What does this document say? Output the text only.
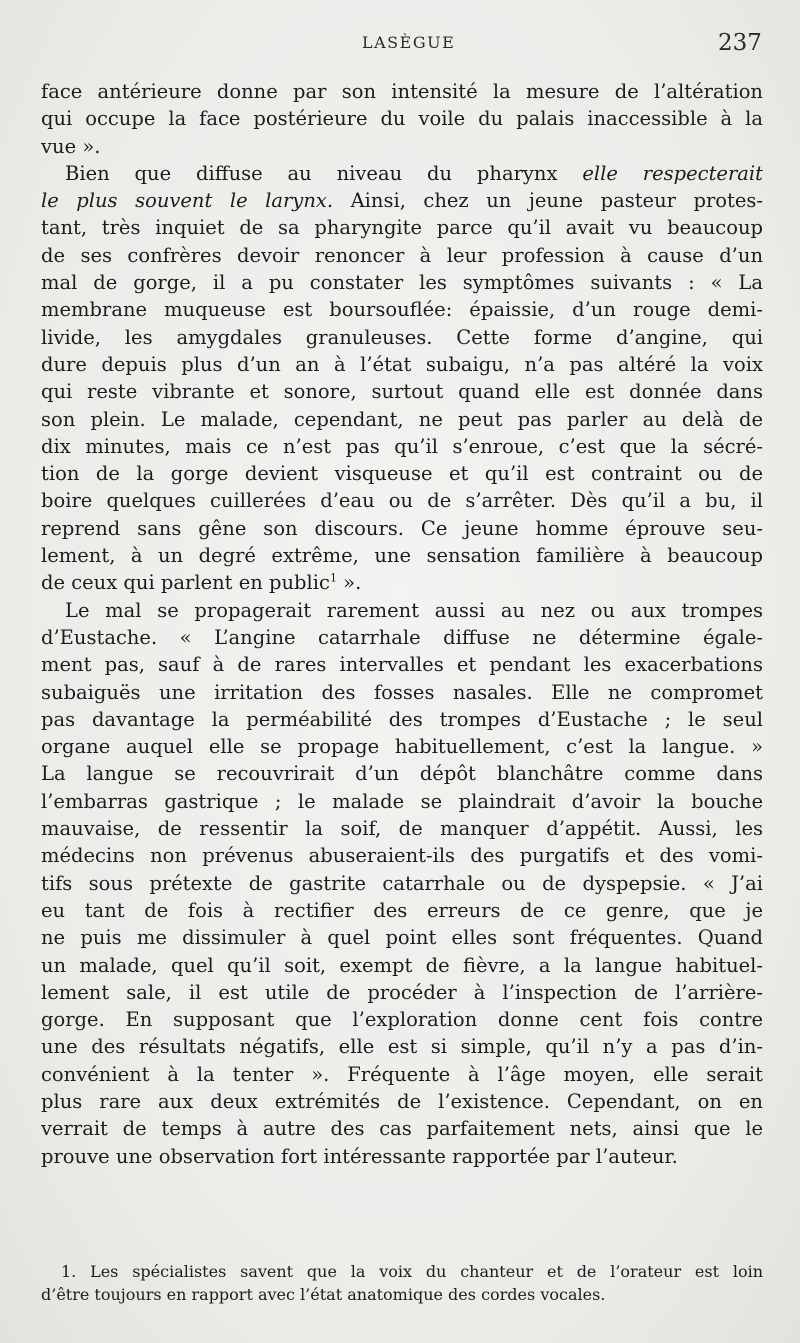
LASÈGUE	237
face antérieure donne par son intensité la mesure de l’altération
qui occupe la face postérieure du voile du palais inaccessible à la
vue ».
Bien que diffuse au niveau du pharynx elle respecterait
le plus souvent le larynx. Ainsi, chez un jeune pasteur protes-
tant, très inquiet de sa pharyngite parce qu’il avait vu beaucoup
de ses confrères devoir renoncer à leur profession à cause d’un
mal de gorge, il a pu constater les symptômes suivants : « La
membrane muqueuse est boursouflée: épaissie, d’un rouge demi-
livide, les amygdales granuleuses. Cette forme d’angine, qui
dure depuis plus d’un an à l’état subaigu, n’a pas altéré la voix
qui reste vibrante et sonore, surtout quand elle est donnée dans
son plein. Le malade, cependant, ne peut pas parler au delà de
dix minutes, mais ce n’est pas qu’il s’enroue, c’est que la sécré-
tion de la gorge devient visqueuse et qu’il est contraint ou de
boire quelques cuillerées d’eau ou de s’arrêter. Dès qu’il a bu, il
reprend sans gêne son discours. Ce jeune homme éprouve seu-
lement, à un degré extrême, une sensation familière à beaucoup
de ceux qui parlent en public$^1$ ».
Le mal se propagerait rarement aussi au nez ou aux trompes
d’Eustache. « L’angine catarrhale diffuse ne détermine égale-
ment pas, sauf à de rares intervalles et pendant les exacerbations
subaiguës une irritation des fosses nasales. Elle ne compromet
pas davantage la perméabilité des trompes d’Eustache ; le seul
organe auquel elle se propage habituellement, c’est la langue. »
La langue se recouvrirait d’un dépôt blanchâtre comme dans
l’embarras gastrique ; le malade se plaindrait d’avoir la bouche
mauvaise, de ressentir la soif, de manquer d’appétit. Aussi, les
médecins non prévenus abuseraient-ils des purgatifs et des vomi-
tifs sous prétexte de gastrite catarrhale ou de dyspepsie. « J’ai
eu tant de fois à rectifier des erreurs de ce genre, que je
ne puis me dissimuler à quel point elles sont fréquentes. Quand
un malade, quel qu’il soit, exempt de fièvre, a la langue habituel-
lement sale, il est utile de procéder à l’inspection de l’arrière-
gorge. En supposant que l’exploration donne cent fois contre
une des résultats négatifs, elle est si simple, qu’il n’y a pas d’in-
convénient à la tenter ». Fréquente à l’âge moyen, elle serait
plus rare aux deux extrémités de l’existence. Cependant, on en
verrait de temps à autre des cas parfaitement nets, ainsi que le
prouve une observation fort intéressante rapportée par l’auteur.
1. Les spécialistes savent que la voix du chanteur et de l’orateur est loin
d’être toujours en rapport avec l’état anatomique des cordes vocales.
